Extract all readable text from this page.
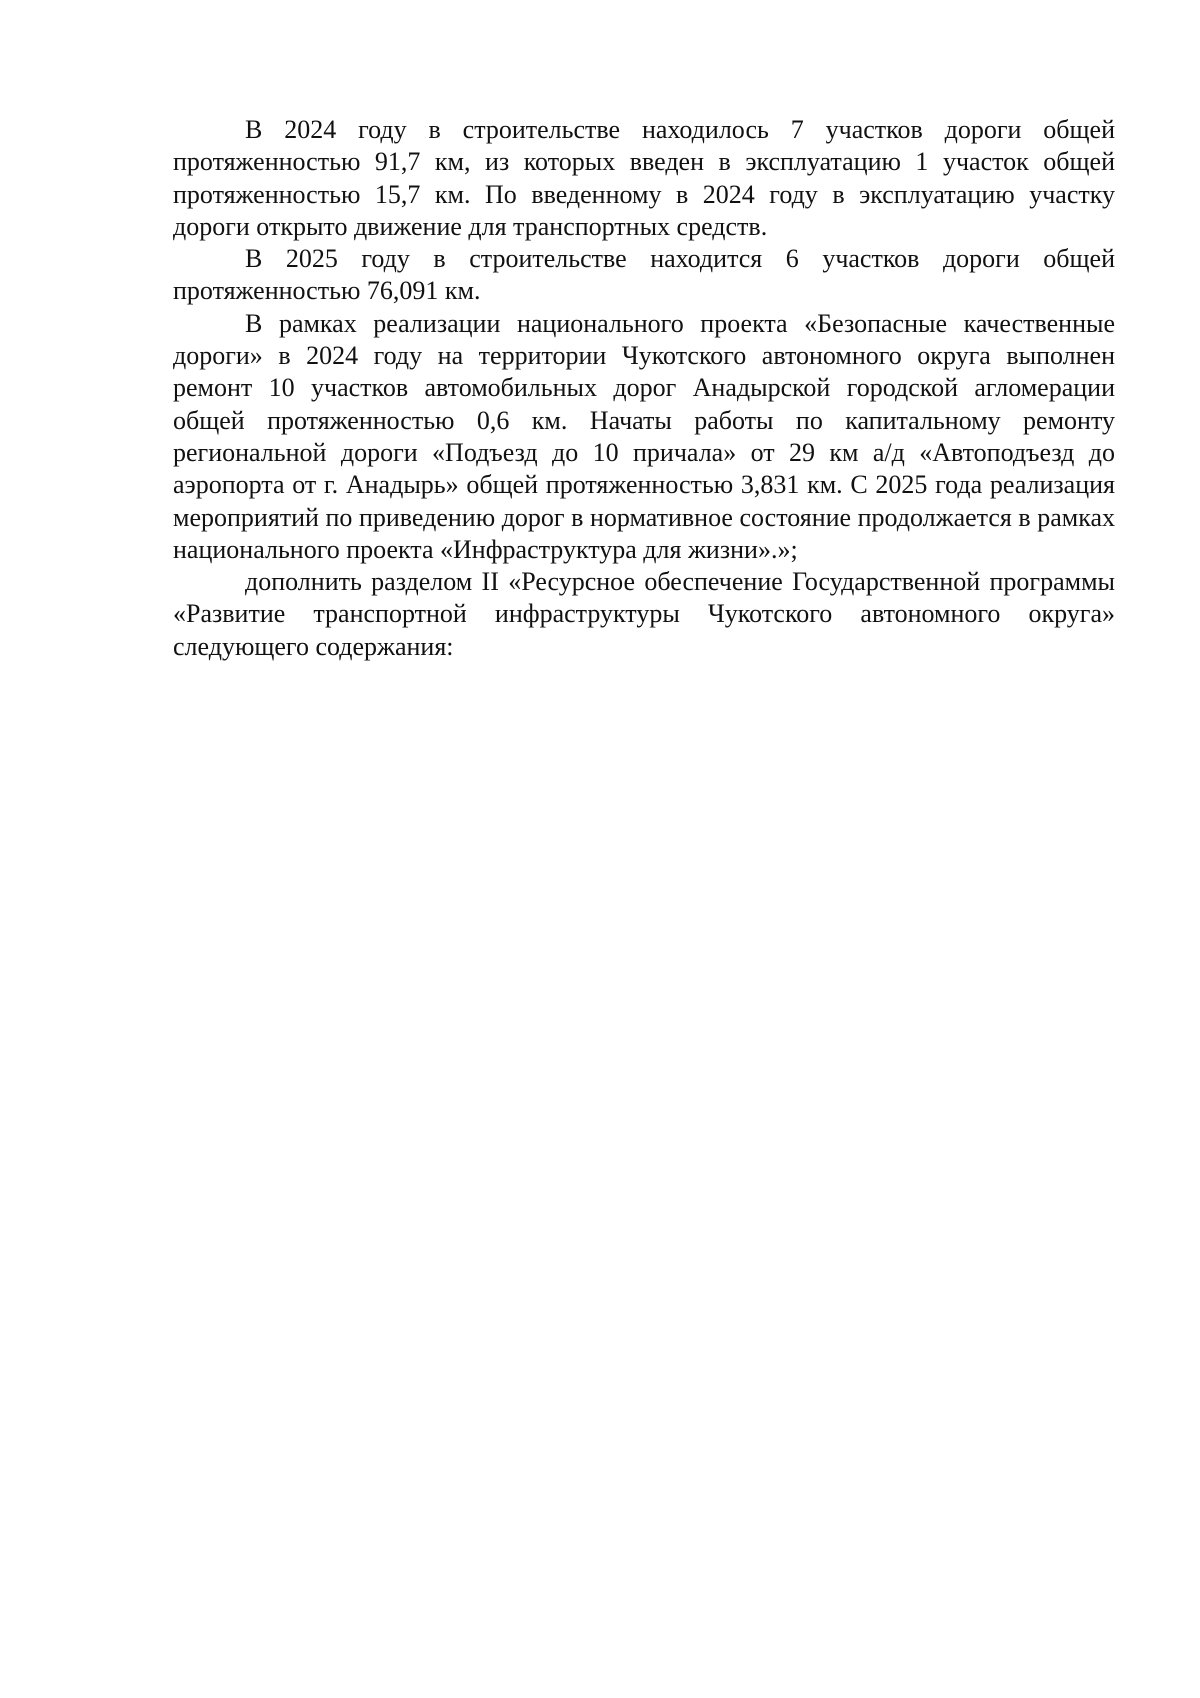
В 2024 году в строительстве находилось 7 участков дороги общей протяженностью 91,7 км, из которых введен в эксплуатацию 1 участок общей протяженностью 15,7 км. По введенному в 2024 году в эксплуатацию участку дороги открыто движение для транспортных средств.

В 2025 году в строительстве находится 6 участков дороги общей протяженностью 76,091 км.

В рамках реализации национального проекта «Безопасные качественные дороги» в 2024 году на территории Чукотского автономного округа выполнен ремонт 10 участков автомобильных дорог Анадырской городской агломерации общей протяженностью 0,6 км. Начаты работы по капитальному ремонту региональной дороги «Подъезд до 10 причала» от 29 км а/д «Автоподъезд до аэропорта от г. Анадырь» общей протяженностью 3,831 км. С 2025 года реализация мероприятий по приведению дорог в нормативное состояние продолжается в рамках национального проекта «Инфраструктура для жизни».»;

дополнить разделом II «Ресурсное обеспечение Государственной программы «Развитие транспортной инфраструктуры Чукотского автономного округа» следующего содержания:
